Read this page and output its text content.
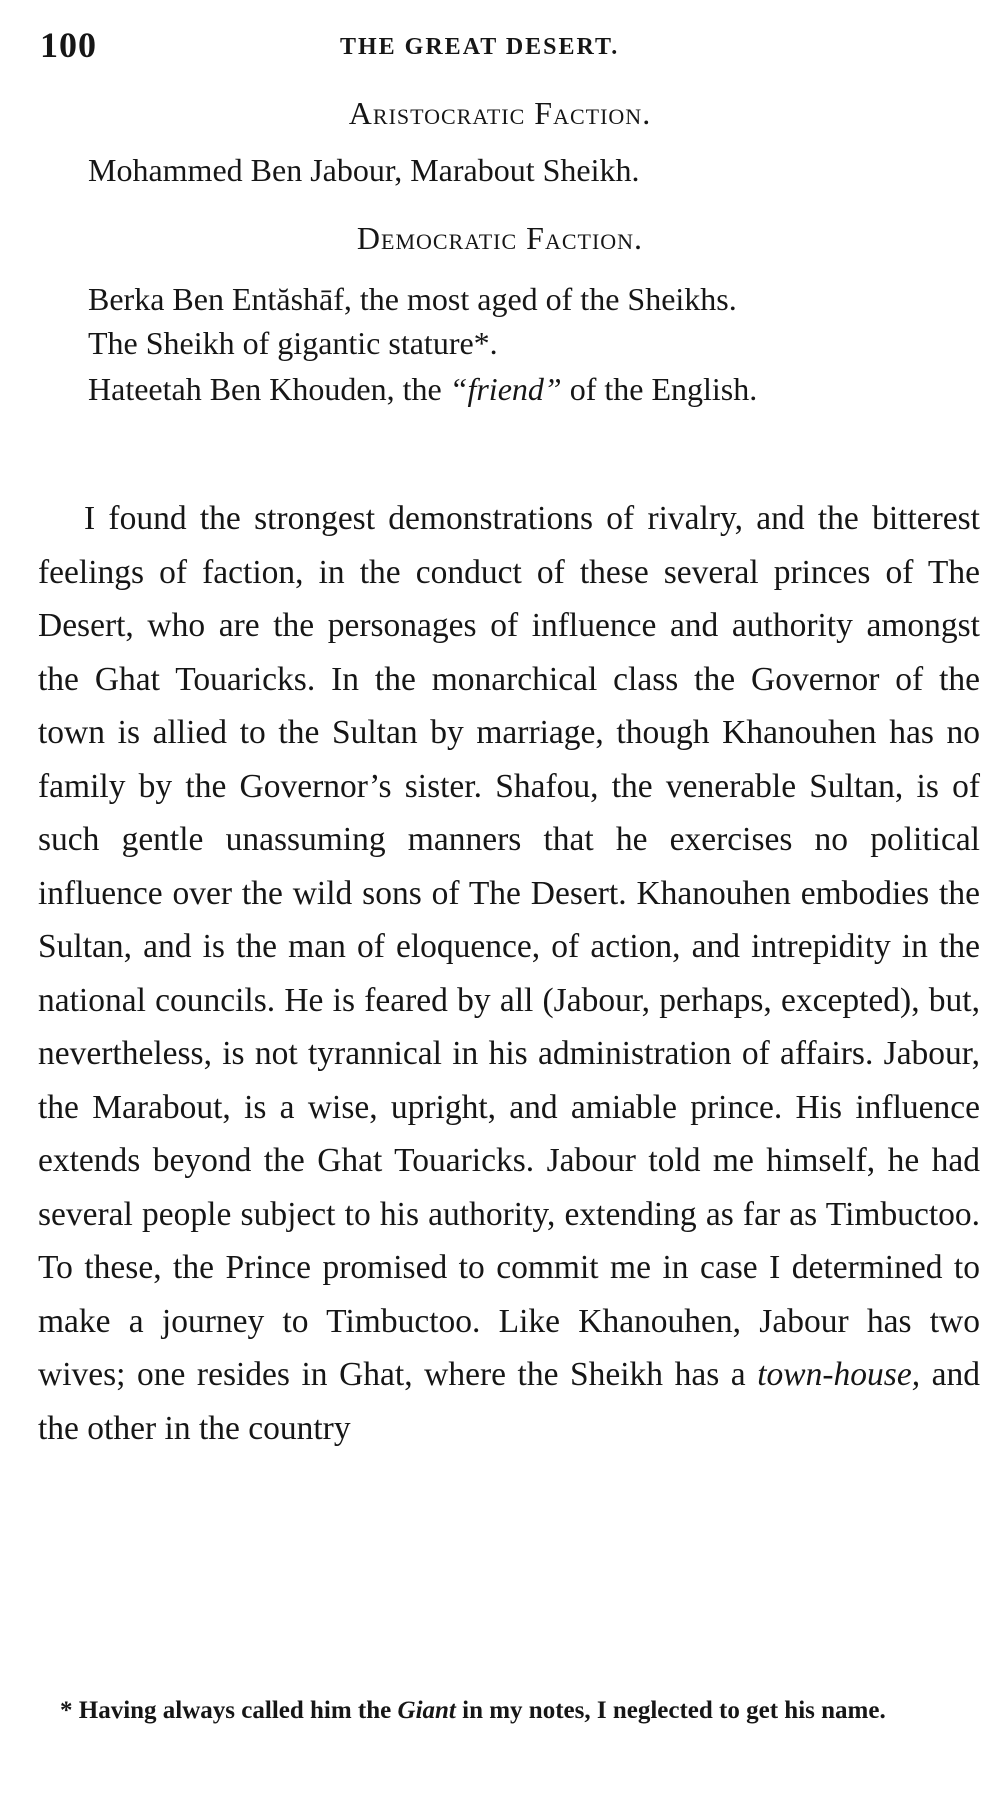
100	THE GREAT DESERT.
Aristocratic Faction.
Mohammed Ben Jabour, Marabout Sheikh.
Democratic Faction.
Berka Ben Entăshāf, the most aged of the Sheikhs.
The Sheikh of gigantic stature*.
Hateetah Ben Khouden, the “friend” of the English.

I found the strongest demonstrations of rivalry, and the bitterest feelings of faction, in the conduct of these several princes of The Desert, who are the personages of influence and authority amongst the Ghat Touaricks. In the monarchical class the Governor of the town is allied to the Sultan by marriage, though Khanouhen has no family by the Governor’s sister. Shafou, the venerable Sultan, is of such gentle unassuming manners that he exercises no political influence over the wild sons of The Desert. Khanouhen embodies the Sultan, and is the man of eloquence, of action, and intrepidity in the national councils. He is feared by all (Jabour, perhaps, excepted), but, nevertheless, is not tyrannical in his administration of affairs. Jabour, the Marabout, is a wise, upright, and amiable prince. His influence extends beyond the Ghat Touaricks. Jabour told me himself, he had several people subject to his authority, extending as far as Timbuctoo. To these, the Prince promised to commit me in case I determined to make a journey to Timbuctoo. Like Khanouhen, Jabour has two wives; one resides in Ghat, where the Sheikh has a town-house, and the other in the country

* Having always called him the Giant in my notes, I neglected to get his name.
